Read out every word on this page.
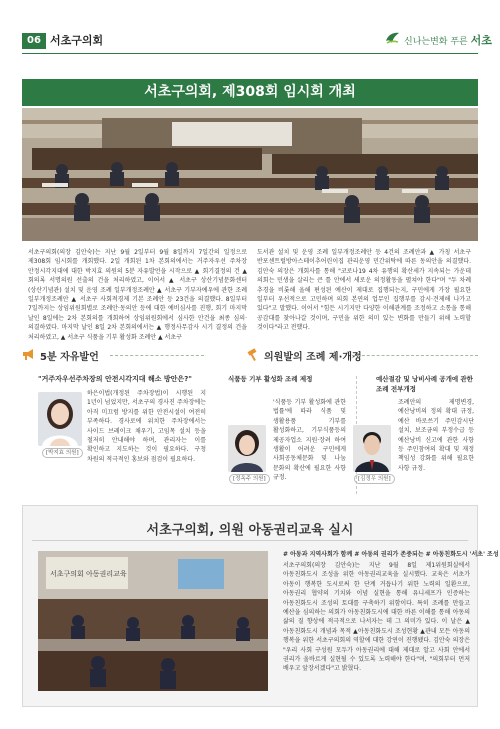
06 서초구의회	신나는변화 푸른 서초
서초구의회, 제308회 임시회 개최
서초구의회(의장 김안숙)는 지난 9월 2일부터 9월 8일까지 7일간의 일정으로 제308회 임시회를 개회했다. 2일 개회된 1차 본회의에서는 거주자우선 주차장 안정시각지대에 대한 박지효 의원의 5분 자유발언을 시작으로 ▲ 회기결정의 건 ▲ 회의록 서명의원 선출의 건을 처리하였고, 이어서 ▲ 서초구 상산기념문화센터(상산기념관) 설치 및 운영 조례 일부개정조례안 ▲ 서초구 기부자예우에 관한 조례 일부개정조례안 ▲ 서초구 사회적경제 기본 조례안 등 23건을 의결했다. 8일부터 7일까지는 상임위원회별로 조례안·동의안 등에 대한 예비심사를 진행, 회기 마지막 날인 8일에는 2차 본회의를 개회하여 상임위원회에서 심사한 안건을 최종 심의·의결하였다. 마지막 날인 8일 2차 본회의에서는 ▲ 행정사무감사 시기 결정의 건을 처리하였고, ▲ 서초구 식품을 기부 활성화 조례안 ▲ 서초구
도서관 설치 및 운영 조례 일부개정조례안 등 4건의 조례안과 ▲ 가칭 서초구 반포센트럴방아스테이추어린이집 관리운영 민간위탁에 따른 동의안을 의결했다. 김안숙 의장은 개회사를 통해 "코로나19 4차 유행의 확산세가 지속되는 가운데 의회는 민생을 살리는 큰 틀 안에서 새로운 의정활동을 펼쳐야 한다"며 "두 차례 추경을 비롯해 올해 편성된 예산이 제대로 집행되는지, 구민에게 가장 필요한 일부터 우선적으로 고민하며 의회 본연의 업무인 집행부를 감시·견제해 나가고 있다"고 말했다. 이어서 "힘든 시기지만 다양한 이해관계를 조정하고 소통을 통해 공감대를 찾아나갈 것이며, 구민을 위한 의미 있는 변화를 만들기 위해 노력할 것이다"라고 전했다.
5분 자유발언
"거주자우선주차장의 안전시각지대 해소 방안은?"
[박지효 의원]
하은이법(개정된 주차장법)이 시행된 지 1년이 넘었지만, 서초구의 경사진 주차장에는 아직 미끄럼 방지를 위한 안전시설이 여전히 부족하다. 경사로에 위치한 주차장에서는 사이드 브레이크 채우기, 고임목 설치 등을 철저히 안내해야 하며, 관리자는 이를 확인하고 지도하는 것이 필요하다. 구청 차원의 적극적인 홍보와 점검이 필요하다.
의원발의 조례 제·개정
식품등 기부 활성화 조례 제정
[정옥주 의원]
'식품등 기부 활성화에 관한 법률'에 따라 식품 및 생활용품 기부를 활성화하고, 기부식품등의 제공자업소 지원·장려 하여 생활이 어려운 구민에게 사회공동체문화 및 나눔 문화의 확산에 필요한 사항 규정.
예산절감 및 낭비사례 공개에 관한 조례 전부개정
[김정우 의원]
조례안의 제명변경, 예산낭비의 정의 확대 규정, 예산 바로쓰기 주민감시단 설치, 보조금의 부정수급 등 예산낭비 신고에 관한 사항 등 주민참여의 확대 및 재정 책임성 강화를 위해 필요한 사항 규정.
서초구의회, 의원 아동권리교육 실시
서초구의회 아동권리교육
# 아동과 지역사회가 함께 # 아동의 권리가 존중되는 # 아동친화도시 '서초' 조성
서초구의회(의장 김안숙)는 지난 9월 8일 제1위원회실에서 아동친화도시 조성을 위한 아동권리교육을 실시했다. 교육은 서초가 아동이 행복한 도시로써 한 단계 거듭나기 위한 노력의 일환으로, 아동권리 협약의 기치와 이념 실현을 통해 유니세프가 인증하는 아동친화도시 조성의 토대를 구축하기 위함이다. 특히 조례를 만들고 예산을 심의하는 의회가 아동친화도시에 대한 바른 이해를 통해 아동의 삶의 질 향상에 적극적으로 나서자는 데 그 의미가 있다. 이 날은 ▲아동친화도시 개념과 목적 ▲아동친화도시 조성현황 ▲관내 모든 아동의 행복을 위한 서초구의회의 역할에 대한 강연이 진행됐다. 김안숙 의장은 "우리 사회 구성원 모두가 아동권리에 대해 제대로 알고 사회 안에서 권리가 올바르게 실현될 수 있도록 노력해야 한다"며, "의회부터 먼저 배우고 앞장서겠다"고 밝혔다.
